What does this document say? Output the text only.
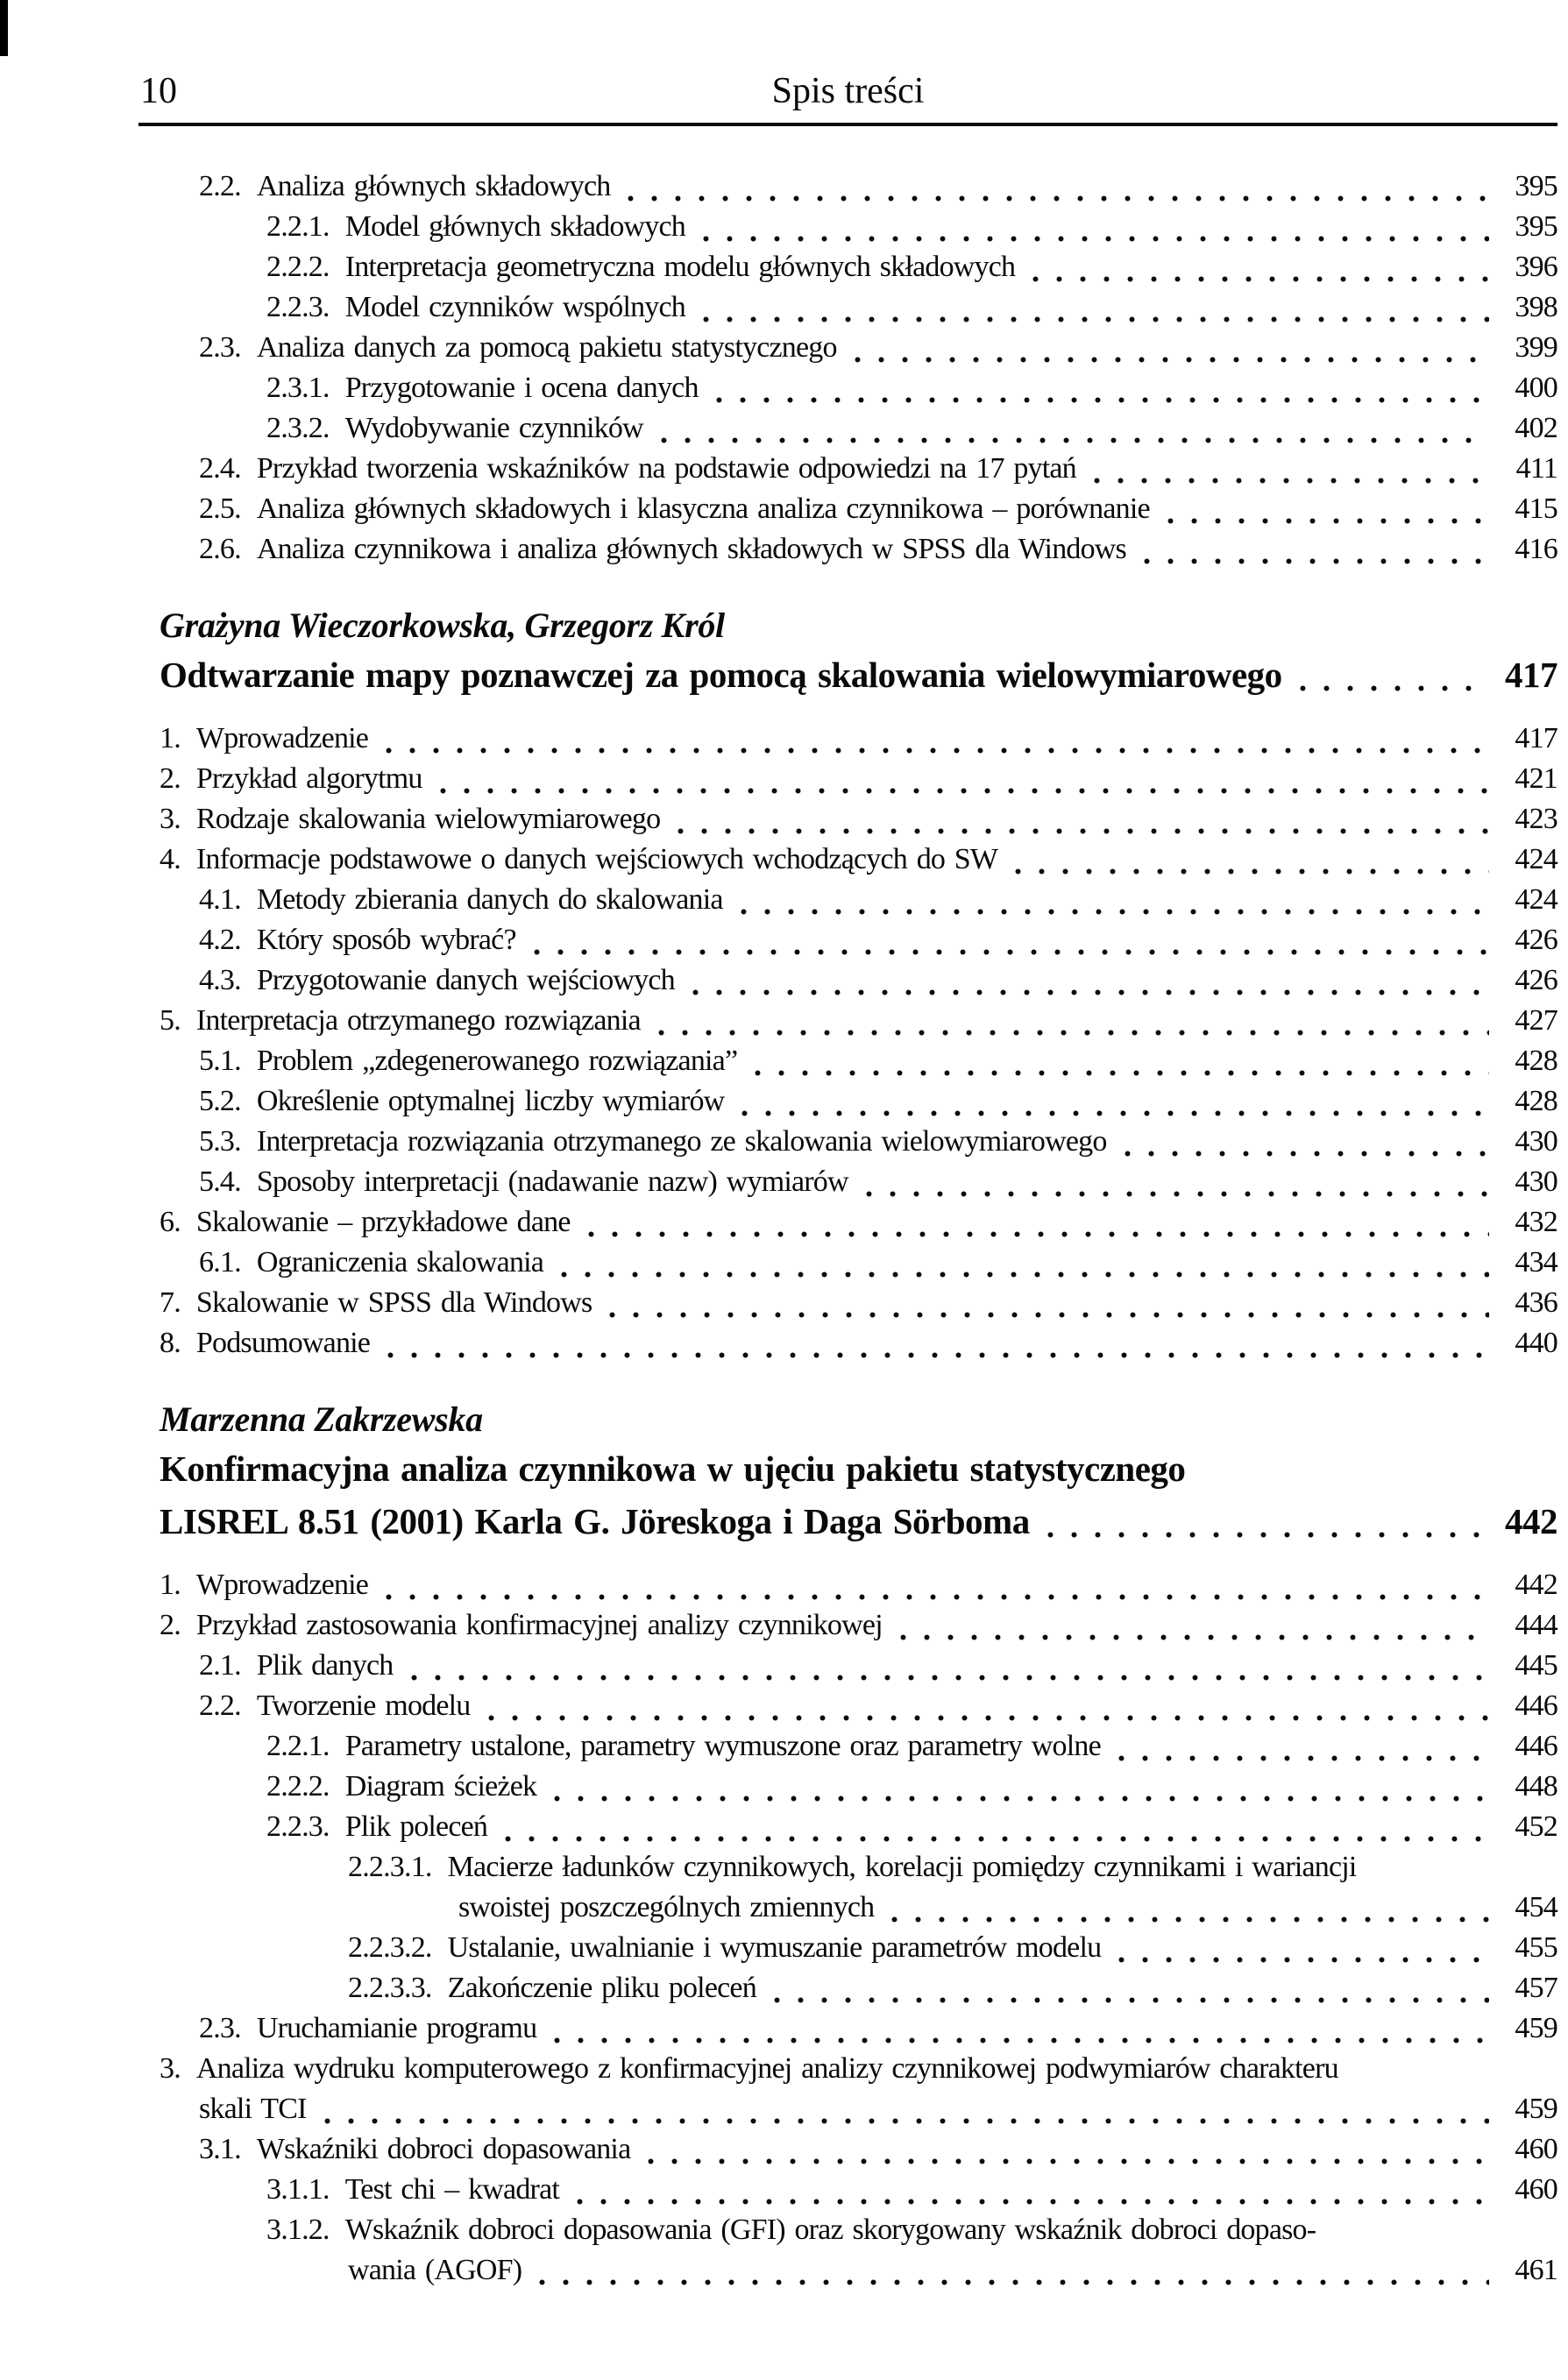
10	Spis treści
2.2. Analiza głównych składowych	395
2.2.1. Model głównych składowych	395
2.2.2. Interpretacja geometryczna modelu głównych składowych	396
2.2.3. Model czynników wspólnych	398
2.3. Analiza danych za pomocą pakietu statystycznego	399
2.3.1. Przygotowanie i ocena danych	400
2.3.2. Wydobywanie czynników	402
2.4. Przykład tworzenia wskaźników na podstawie odpowiedzi na 17 pytań	411
2.5. Analiza głównych składowych i klasyczna analiza czynnikowa – porównanie	415
2.6. Analiza czynnikowa i analiza głównych składowych w SPSS dla Windows	416
Grażyna Wieczorkowska, Grzegorz Król
Odtwarzanie mapy poznawczej za pomocą skalowania wielowymiarowego	417
1. Wprowadzenie	417
2. Przykład algorytmu	421
3. Rodzaje skalowania wielowymiarowego	423
4. Informacje podstawowe o danych wejściowych wchodzących do SW	424
4.1. Metody zbierania danych do skalowania	424
4.2. Który sposób wybrać?	426
4.3. Przygotowanie danych wejściowych	426
5. Interpretacja otrzymanego rozwiązania	427
5.1. Problem „zdegenerowanego rozwiązania”	428
5.2. Określenie optymalnej liczby wymiarów	428
5.3. Interpretacja rozwiązania otrzymanego ze skalowania wielowymiarowego	430
5.4. Sposoby interpretacji (nadawanie nazw) wymiarów	430
6. Skalowanie – przykładowe dane	432
6.1. Ograniczenia skalowania	434
7. Skalowanie w SPSS dla Windows	436
8. Podsumowanie	440
Marzenna Zakrzewska
Konfirmacyjna analiza czynnikowa w ujęciu pakietu statystycznego
LISREL 8.51 (2001) Karla G. Jöreskoga i Daga Sörboma	442
1. Wprowadzenie	442
2. Przykład zastosowania konfirmacyjnej analizy czynnikowej	444
2.1. Plik danych	445
2.2. Tworzenie modelu	446
2.2.1. Parametry ustalone, parametry wymuszone oraz parametry wolne	446
2.2.2. Diagram ścieżek	448
2.2.3. Plik poleceń	452
2.2.3.1. Macierze ładunków czynnikowych, korelacji pomiędzy czynnikami i wariancji
swoistej poszczególnych zmiennych	454
2.2.3.2. Ustalanie, uwalnianie i wymuszanie parametrów modelu	455
2.2.3.3. Zakończenie pliku poleceń	457
2.3. Uruchamianie programu	459
3. Analiza wydruku komputerowego z konfirmacyjnej analizy czynnikowej podwymiarów charakteru
skali TCI	459
3.1. Wskaźniki dobroci dopasowania	460
3.1.1. Test chi – kwadrat	460
3.1.2. Wskaźnik dobroci dopasowania (GFI) oraz skorygowany wskaźnik dobroci dopaso-
wania (AGOF)	461
